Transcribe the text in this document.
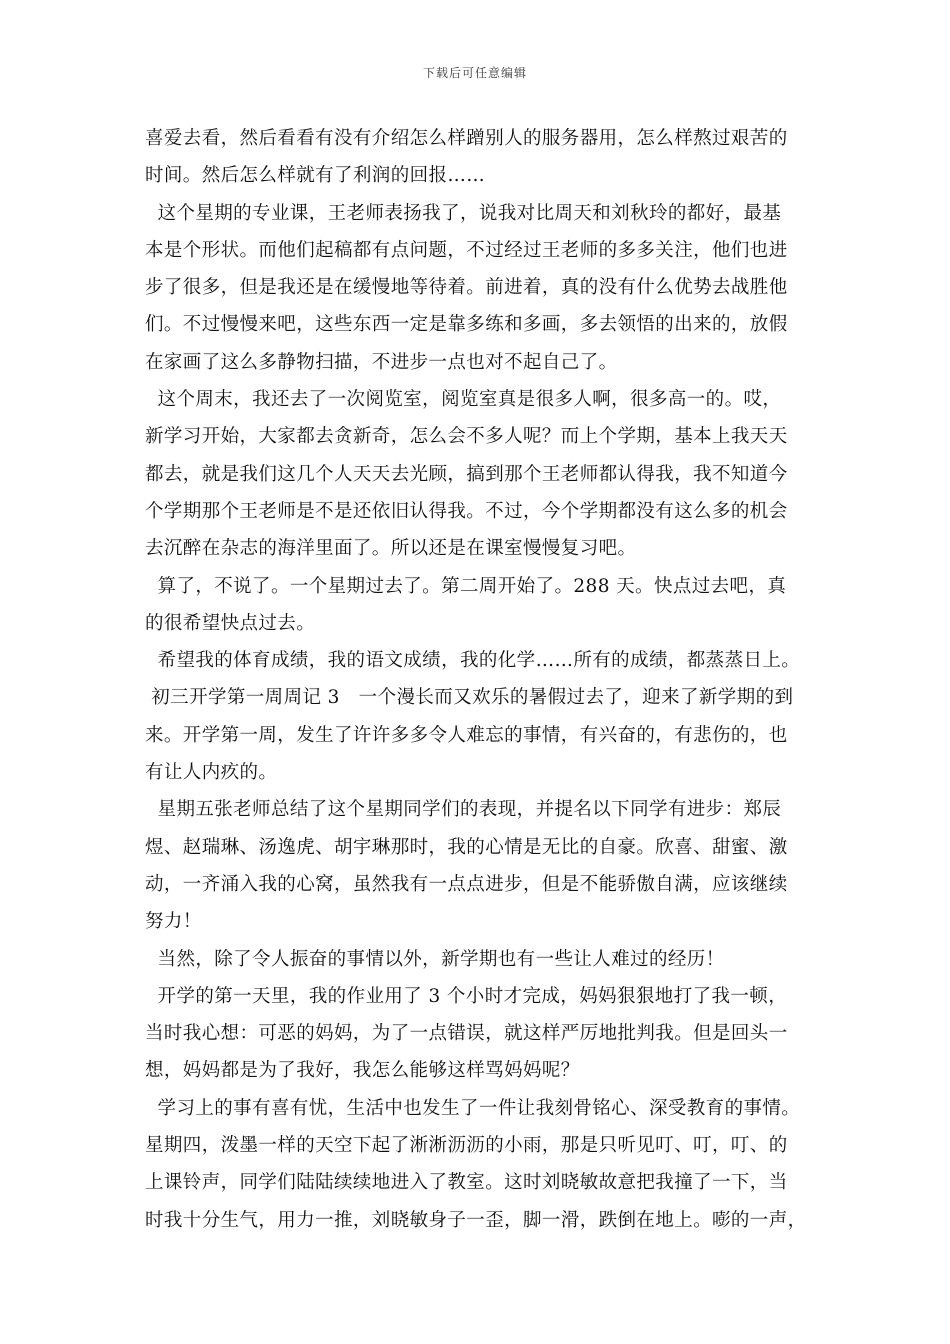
下载后可任意编辑
喜爱去看，然后看看有没有介绍怎么样蹭别人的服务器用，怎么样熬过艰苦的
时间。然后怎么样就有了利润的回报……
这个星期的专业课，王老师表扬我了，说我对比周天和刘秋玲的都好，最基
本是个形状。而他们起稿都有点问题，不过经过王老师的多多关注，他们也进
步了很多，但是我还是在缓慢地等待着。前进着，真的没有什么优势去战胜他
们。不过慢慢来吧，这些东西一定是靠多练和多画，多去领悟的出来的，放假
在家画了这么多静物扫描，不进步一点也对不起自己了。
这个周末，我还去了一次阅览室，阅览室真是很多人啊，很多高一的。哎，
新学习开始，大家都去贪新奇，怎么会不多人呢？而上个学期，基本上我天天
都去，就是我们这几个人天天去光顾，搞到那个王老师都认得我，我不知道今
个学期那个王老师是不是还依旧认得我。不过，今个学期都没有这么多的机会
去沉醉在杂志的海洋里面了。所以还是在课室慢慢复习吧。
算了，不说了。一个星期过去了。第二周开始了。288 天。快点过去吧，真
的很希望快点过去。
希望我的体育成绩，我的语文成绩，我的化学……所有的成绩，都蒸蒸日上。
初三开学第一周周记 3   一个漫长而又欢乐的暑假过去了，迎来了新学期的到
来。开学第一周，发生了许许多多令人难忘的事情，有兴奋的，有悲伤的，也
有让人内疚的。
星期五张老师总结了这个星期同学们的表现，并提名以下同学有进步：郑辰
煜、赵瑞琳、汤逸虎、胡宇琳那时，我的心情是无比的自豪。欣喜、甜蜜、激
动，一齐涌入我的心窝，虽然我有一点点进步，但是不能骄傲自满，应该继续
努力！
当然，除了令人振奋的事情以外，新学期也有一些让人难过的经历！
开学的第一天里，我的作业用了 3 个小时才完成，妈妈狠狠地打了我一顿，
当时我心想：可恶的妈妈，为了一点错误，就这样严厉地批判我。但是回头一
想，妈妈都是为了我好，我怎么能够这样骂妈妈呢？
学习上的事有喜有忧，生活中也发生了一件让我刻骨铭心、深受教育的事情。
星期四，泼墨一样的天空下起了淅淅沥沥的小雨，那是只听见叮、叮，叮、的
上课铃声，同学们陆陆续续地进入了教室。这时刘晓敏故意把我撞了一下，当
时我十分生气，用力一推，刘晓敏身子一歪，脚一滑，跌倒在地上。嘭的一声，
